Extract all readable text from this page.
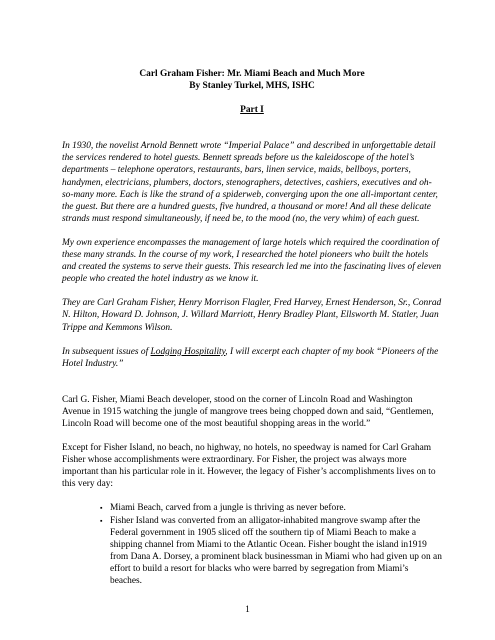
Carl Graham Fisher: Mr. Miami Beach and Much More

By Stanley Turkel, MHS, ISHC

Part I

In 1930, the novelist Arnold Bennett wrote “Imperial Palace” and described in unforgettable detail the services rendered to hotel guests. Bennett spreads before us the kaleidoscope of the hotel’s departments – telephone operators, restaurants, bars, linen service, maids, bellboys, porters, handymen, electricians, plumbers, doctors, stenographers, detectives, cashiers, executives and oh-so-many more. Each is like the strand of a spiderweb, converging upon the one all-important center, the guest. But there are a hundred guests, five hundred, a thousand or more! And all these delicate strands must respond simultaneously, if need be, to the mood (no, the very whim) of each guest.

My own experience encompasses the management of large hotels which required the coordination of these many strands. In the course of my work, I researched the hotel pioneers who built the hotels and created the systems to serve their guests. This research led me into the fascinating lives of eleven people who created the hotel industry as we know it.

They are Carl Graham Fisher, Henry Morrison Flagler, Fred Harvey, Ernest Henderson, Sr., Conrad N. Hilton, Howard D. Johnson, J. Willard Marriott, Henry Bradley Plant, Ellsworth M. Statler, Juan Trippe and Kemmons Wilson.

In subsequent issues of Lodging Hospitality, I will excerpt each chapter of my book “Pioneers of the Hotel Industry.”

Carl G. Fisher, Miami Beach developer, stood on the corner of Lincoln Road and Washington Avenue in 1915 watching the jungle of mangrove trees being chopped down and said, “Gentlemen, Lincoln Road will become one of the most beautiful shopping areas in the world.”

Except for Fisher Island, no beach, no highway, no hotels, no speedway is named for Carl Graham Fisher whose accomplishments were extraordinary. For Fisher, the project was always more important than his particular role in it. However, the legacy of Fisher’s accomplishments lives on to this very day:

▪ Miami Beach, carved from a jungle is thriving as never before.
▪ Fisher Island was converted from an alligator-inhabited mangrove swamp after the Federal government in 1905 sliced off the southern tip of Miami Beach to make a shipping channel from Miami to the Atlantic Ocean. Fisher bought the island in1919 from Dana A. Dorsey, a prominent black businessman in Miami who had given up on an effort to build a resort for blacks who were barred by segregation from Miami’s beaches.
1
